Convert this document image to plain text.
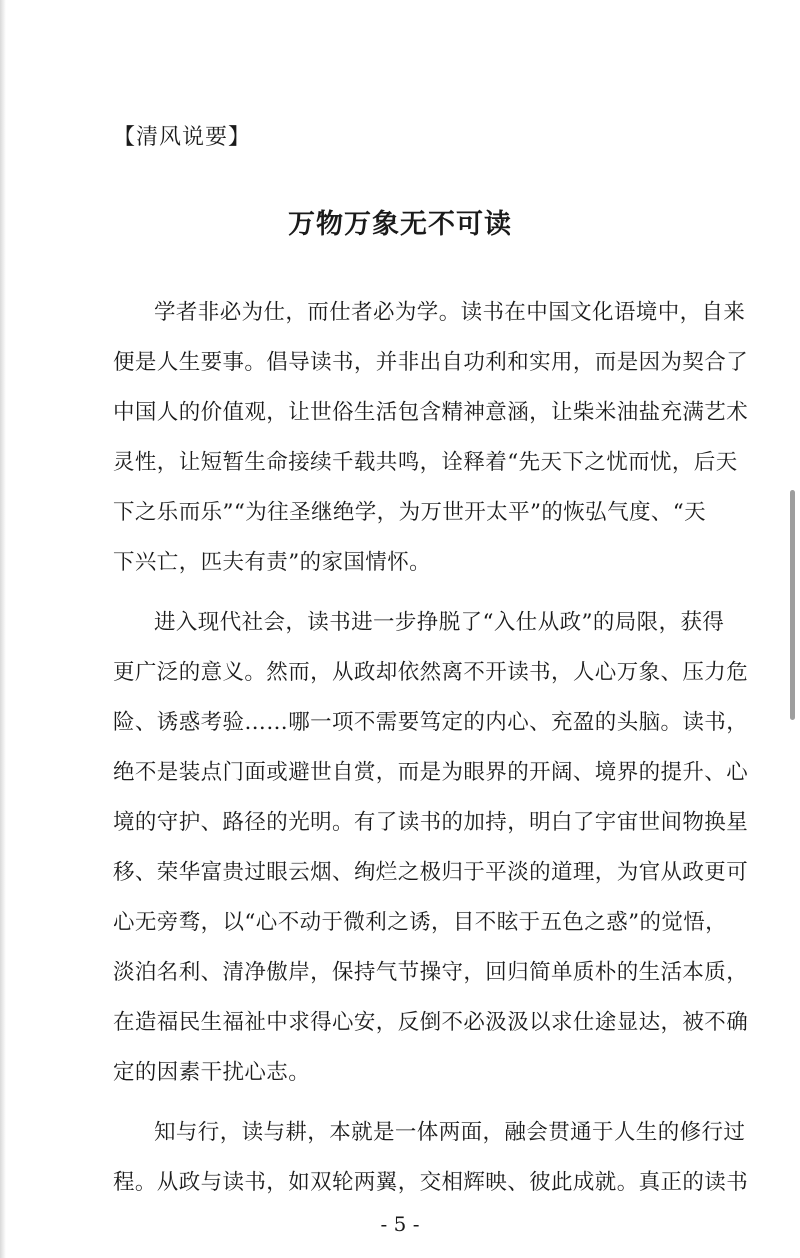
【清风说要】
万物万象无不可读
学者非必为仕，而仕者必为学。读书在中国文化语境中，自来
便是人生要事。倡导读书，并非出自功利和实用，而是因为契合了
中国人的价值观，让世俗生活包含精神意涵，让柴米油盐充满艺术
灵性，让短暂生命接续千载共鸣，诠释着“先天下之忧而忧，后天
下之乐而乐”“为往圣继绝学，为万世开太平”的恢弘气度、“天
下兴亡，匹夫有责”的家国情怀。
进入现代社会，读书进一步挣脱了“入仕从政”的局限，获得
更广泛的意义。然而，从政却依然离不开读书，人心万象、压力危
险、诱惑考验……哪一项不需要笃定的内心、充盈的头脑。读书，
绝不是装点门面或避世自赏，而是为眼界的开阔、境界的提升、心
境的守护、路径的光明。有了读书的加持，明白了宇宙世间物换星
移、荣华富贵过眼云烟、绚烂之极归于平淡的道理，为官从政更可
心无旁骛，以“心不动于微利之诱，目不眩于五色之惑”的觉悟，
淡泊名利、清净傲岸，保持气节操守，回归简单质朴的生活本质，
在造福民生福祉中求得心安，反倒不必汲汲以求仕途显达，被不确
定的因素干扰心志。
知与行，读与耕，本就是一体两面，融会贯通于人生的修行过
程。从政与读书，如双轮两翼，交相辉映、彼此成就。真正的读书
- 5 -
